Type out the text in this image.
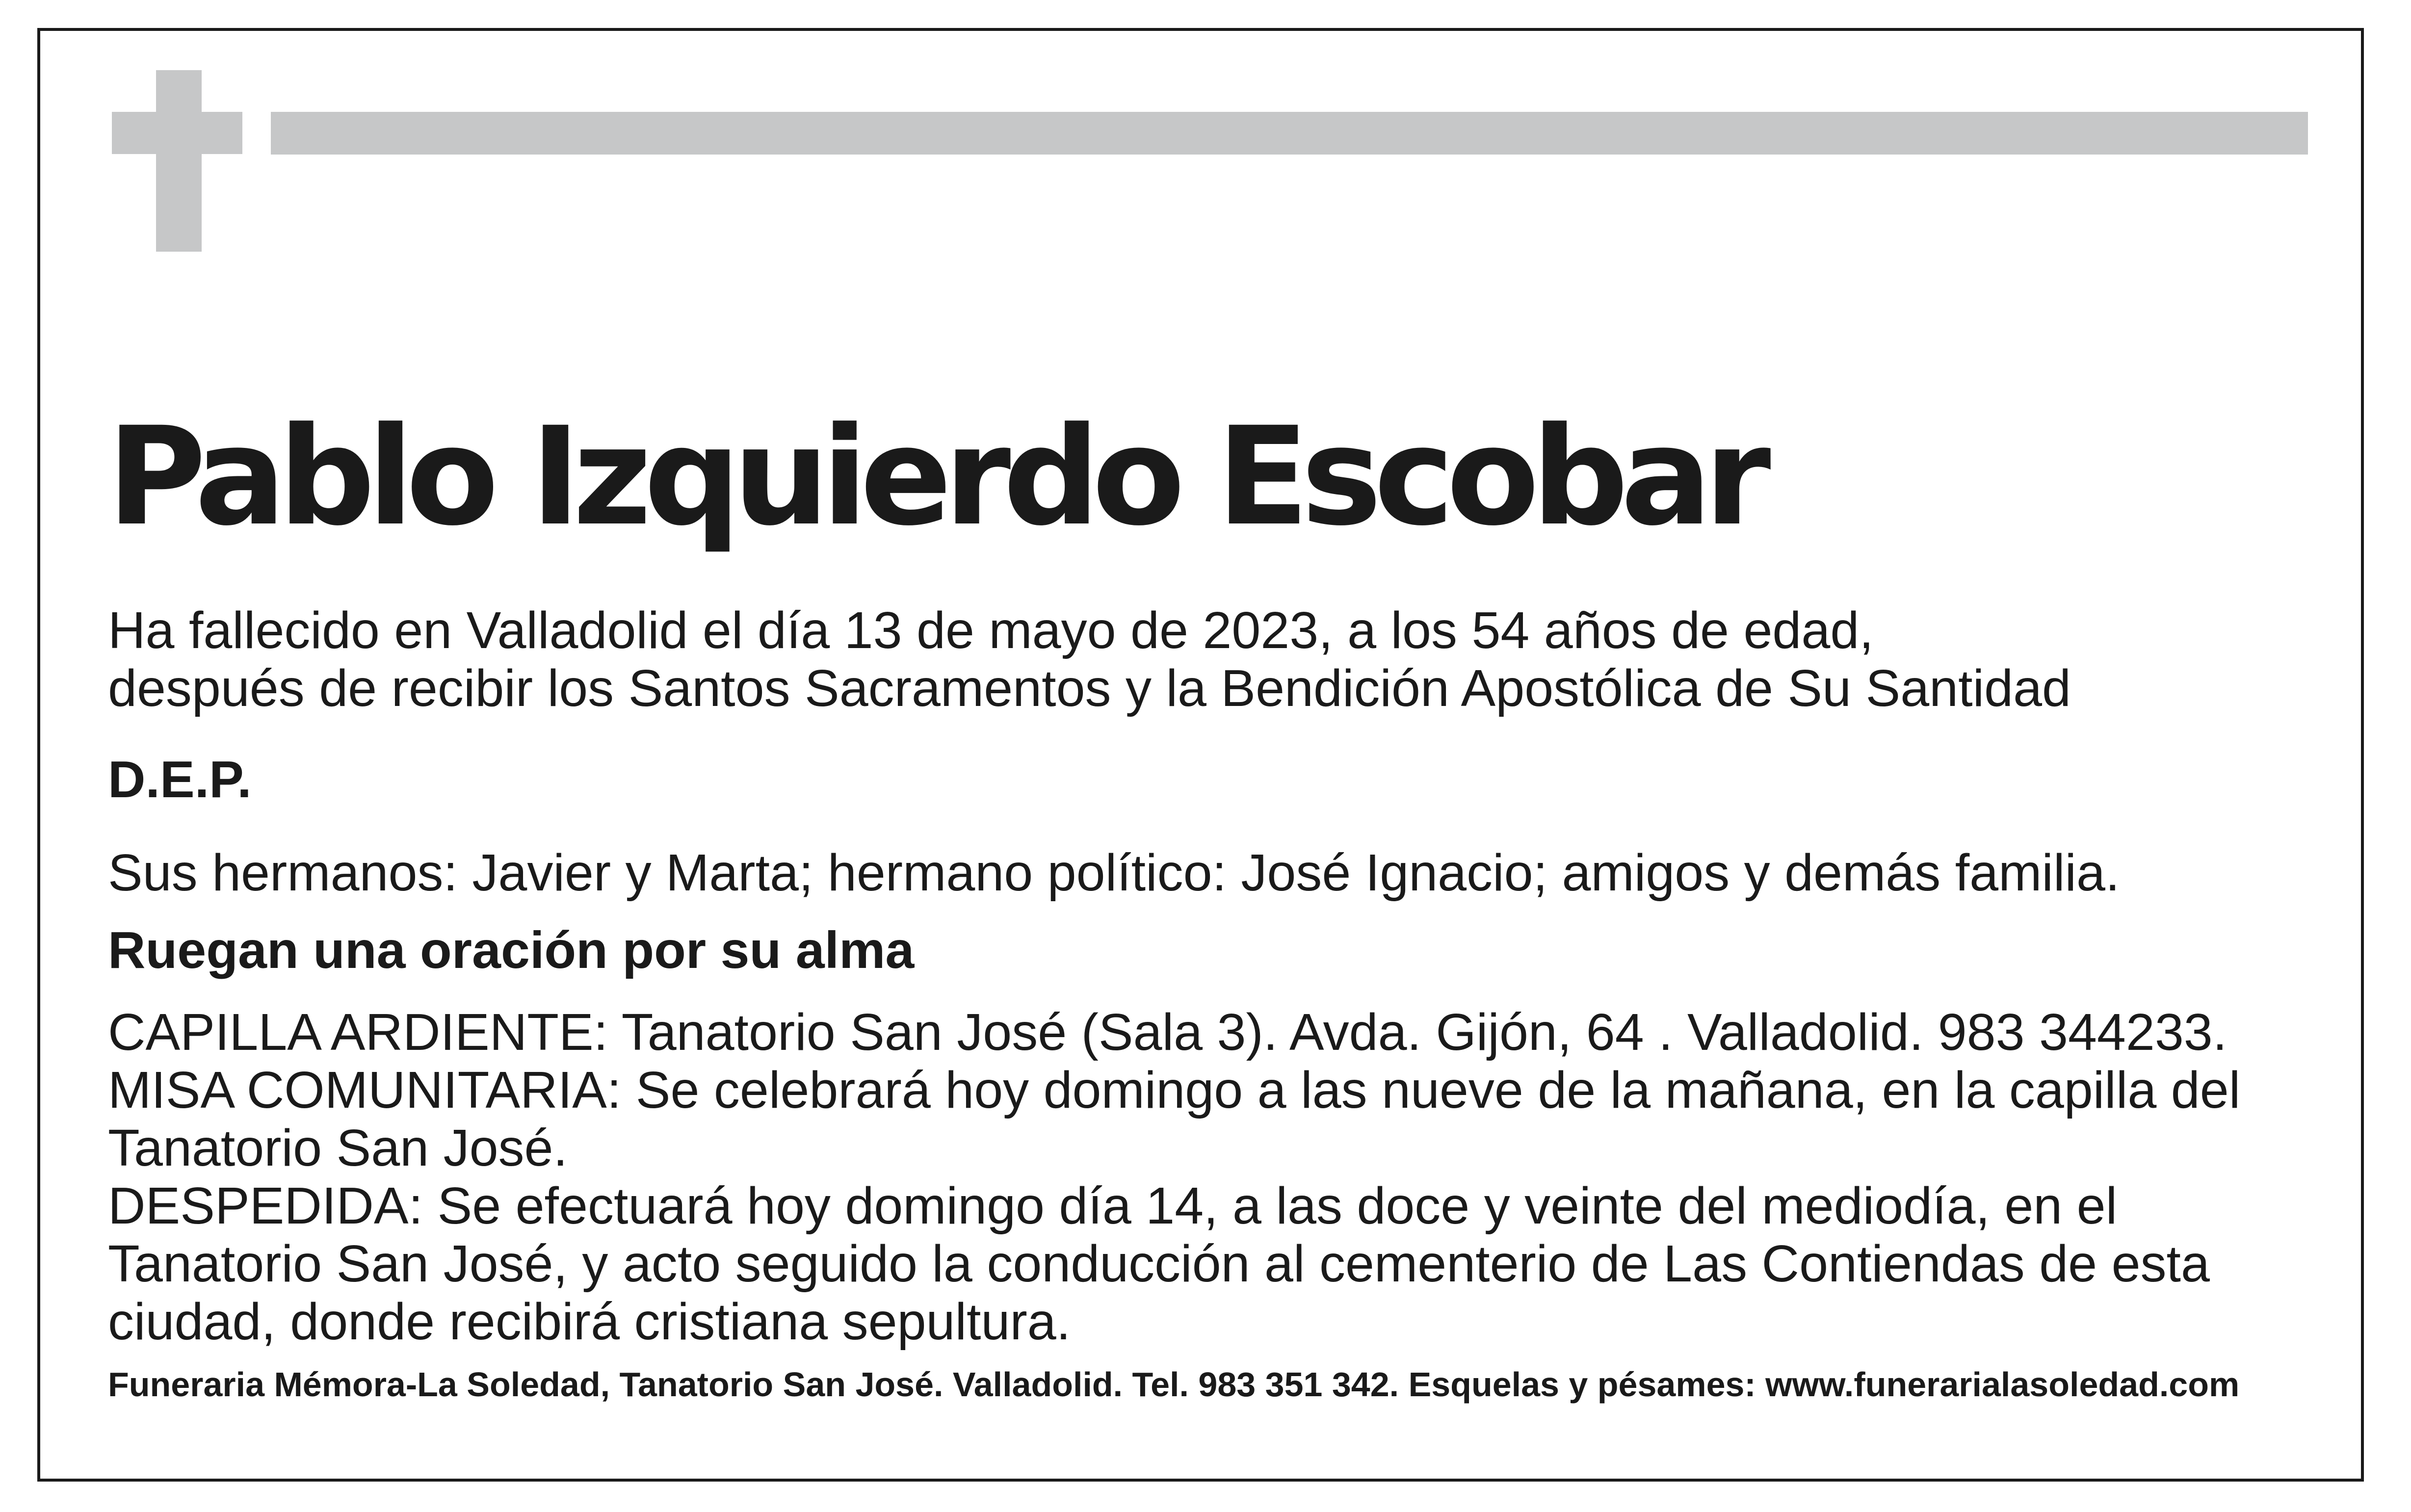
Pablo Izquierdo Escobar

Ha fallecido en Valladolid el día 13 de mayo de 2023, a los 54 años de edad,

después de recibir los Santos Sacramentos y la Bendición Apostólica de Su Santidad

D.E.P.

Sus hermanos: Javier y Marta; hermano político: José Ignacio; amigos y demás familia.

Ruegan una oración por su alma

CAPILLA ARDIENTE: Tanatorio San José (Sala 3). Avda. Gijón, 64 . Valladolid. 983 344233.

MISA COMUNITARIA: Se celebrará hoy domingo a las nueve de la mañana, en la capilla del

Tanatorio San José.

DESPEDIDA: Se efectuará hoy domingo día 14, a las doce y veinte del mediodía, en el

Tanatorio San José, y acto seguido la conducción al cementerio de Las Contiendas de esta

ciudad, donde recibirá cristiana sepultura.

Funeraria Mémora-La Soledad, Tanatorio San José. Valladolid. Tel. 983 351 342. Esquelas y pésames: www.funerarialasoledad.com
